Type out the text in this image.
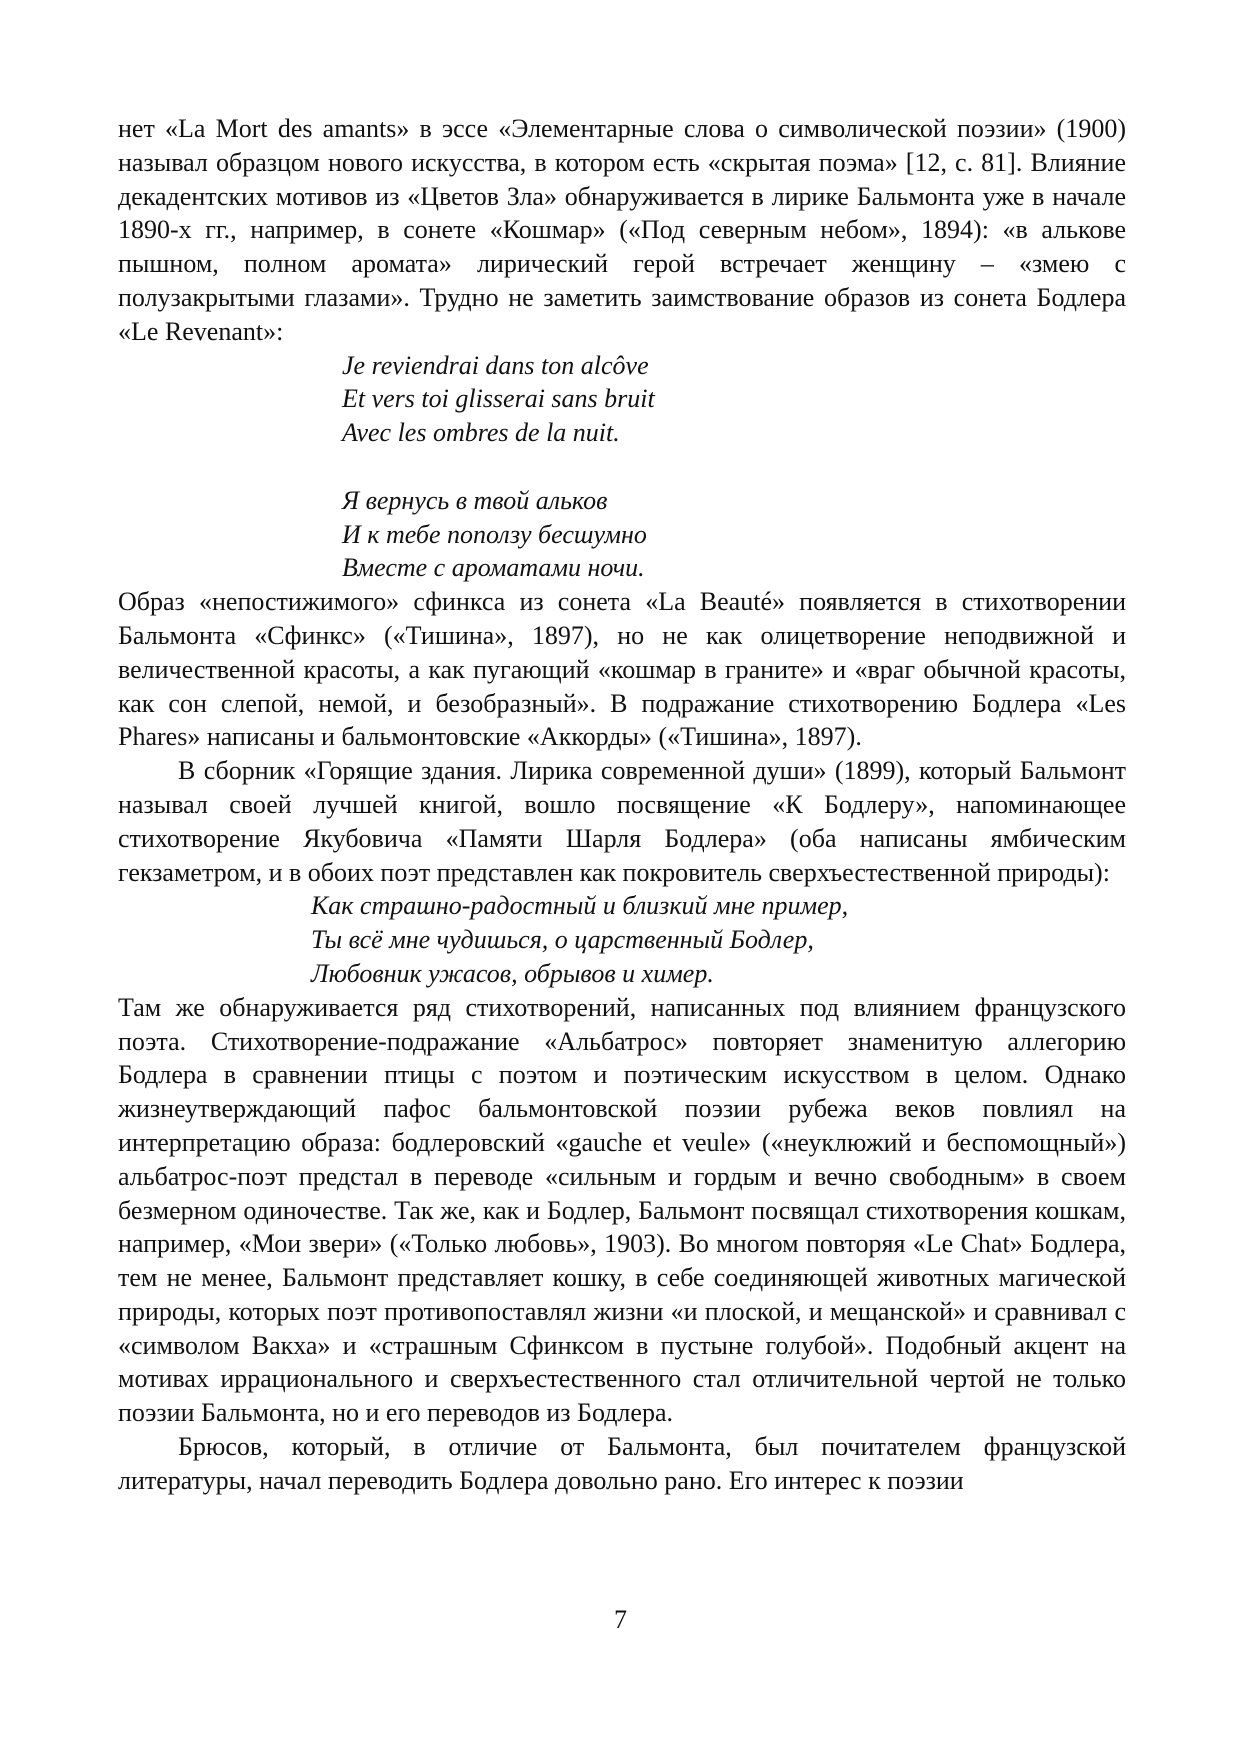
нет «La Mort des amants» в эссе «Элементарные слова о символической поэзии» (1900) называл образцом нового искусства, в котором есть «скрытая поэма» [12, с. 81]. Влияние декадентских мотивов из «Цветов Зла» обнаруживается в лирике Бальмонта уже в начале 1890-х гг., например, в сонете «Кошмар» («Под северным небом», 1894): «в алькове пышном, полном аромата» лирический герой встречает женщину – «змею с полузакрытыми глазами». Трудно не заметить заимствование образов из сонета Бодлера «Le Revenant»:

Je reviendrai dans ton alcôve
Et vers toi glisserai sans bruit
Avec les ombres de la nuit.
Я вернусь в твой альков
И к тебе поползу бесшумно
Вместе с ароматами ночи.

Образ «непостижимого» сфинкса из сонета «La Beauté» появляется в стихотворении Бальмонта «Сфинкс» («Тишина», 1897), но не как олицетворение неподвижной и величественной красоты, а как пугающий «кошмар в граните» и «враг обычной красоты, как сон слепой, немой, и безобразный». В подражание стихотворению Бодлера «Les Phares» написаны и бальмонтовские «Аккорды» («Тишина», 1897).

В сборник «Горящие здания. Лирика современной души» (1899), который Бальмонт называл своей лучшей книгой, вошло посвящение «К Бодлеру», напоминающее стихотворение Якубовича «Памяти Шарля Бодлера» (оба написаны ямбическим гекзаметром, и в обоих поэт представлен как покровитель сверхъестественной природы):

Как страшно-радостный и близкий мне пример,
Ты всё мне чудишься, о царственный Бодлер,
Любовник ужасов, обрывов и химер.

Там же обнаруживается ряд стихотворений, написанных под влиянием французского поэта. Стихотворение-подражание «Альбатрос» повторяет знаменитую аллегорию Бодлера в сравнении птицы с поэтом и поэтическим искусством в целом. Однако жизнеутверждающий пафос бальмонтовской поэзии рубежа веков повлиял на интерпретацию образа: бодлеровский «gauche et veule» («неуклюжий и беспомощный») альбатрос-поэт предстал в переводе «сильным и гордым и вечно свободным» в своем безмерном одиночестве. Так же, как и Бодлер, Бальмонт посвящал стихотворения кошкам, например, «Мои звери» («Только любовь», 1903). Во многом повторяя «Le Chat» Бодлера, тем не менее, Бальмонт представляет кошку, в себе соединяющей животных магической природы, которых поэт противопоставлял жизни «и плоской, и мещанской» и сравнивал с «символом Вакха» и «страшным Сфинксом в пустыне голубой». Подобный акцент на мотивах иррационального и сверхъестественного стал отличительной чертой не только поэзии Бальмонта, но и его переводов из Бодлера.

Брюсов, который, в отличие от Бальмонта, был почитателем французской литературы, начал переводить Бодлера довольно рано. Его интерес к поэзии

7
